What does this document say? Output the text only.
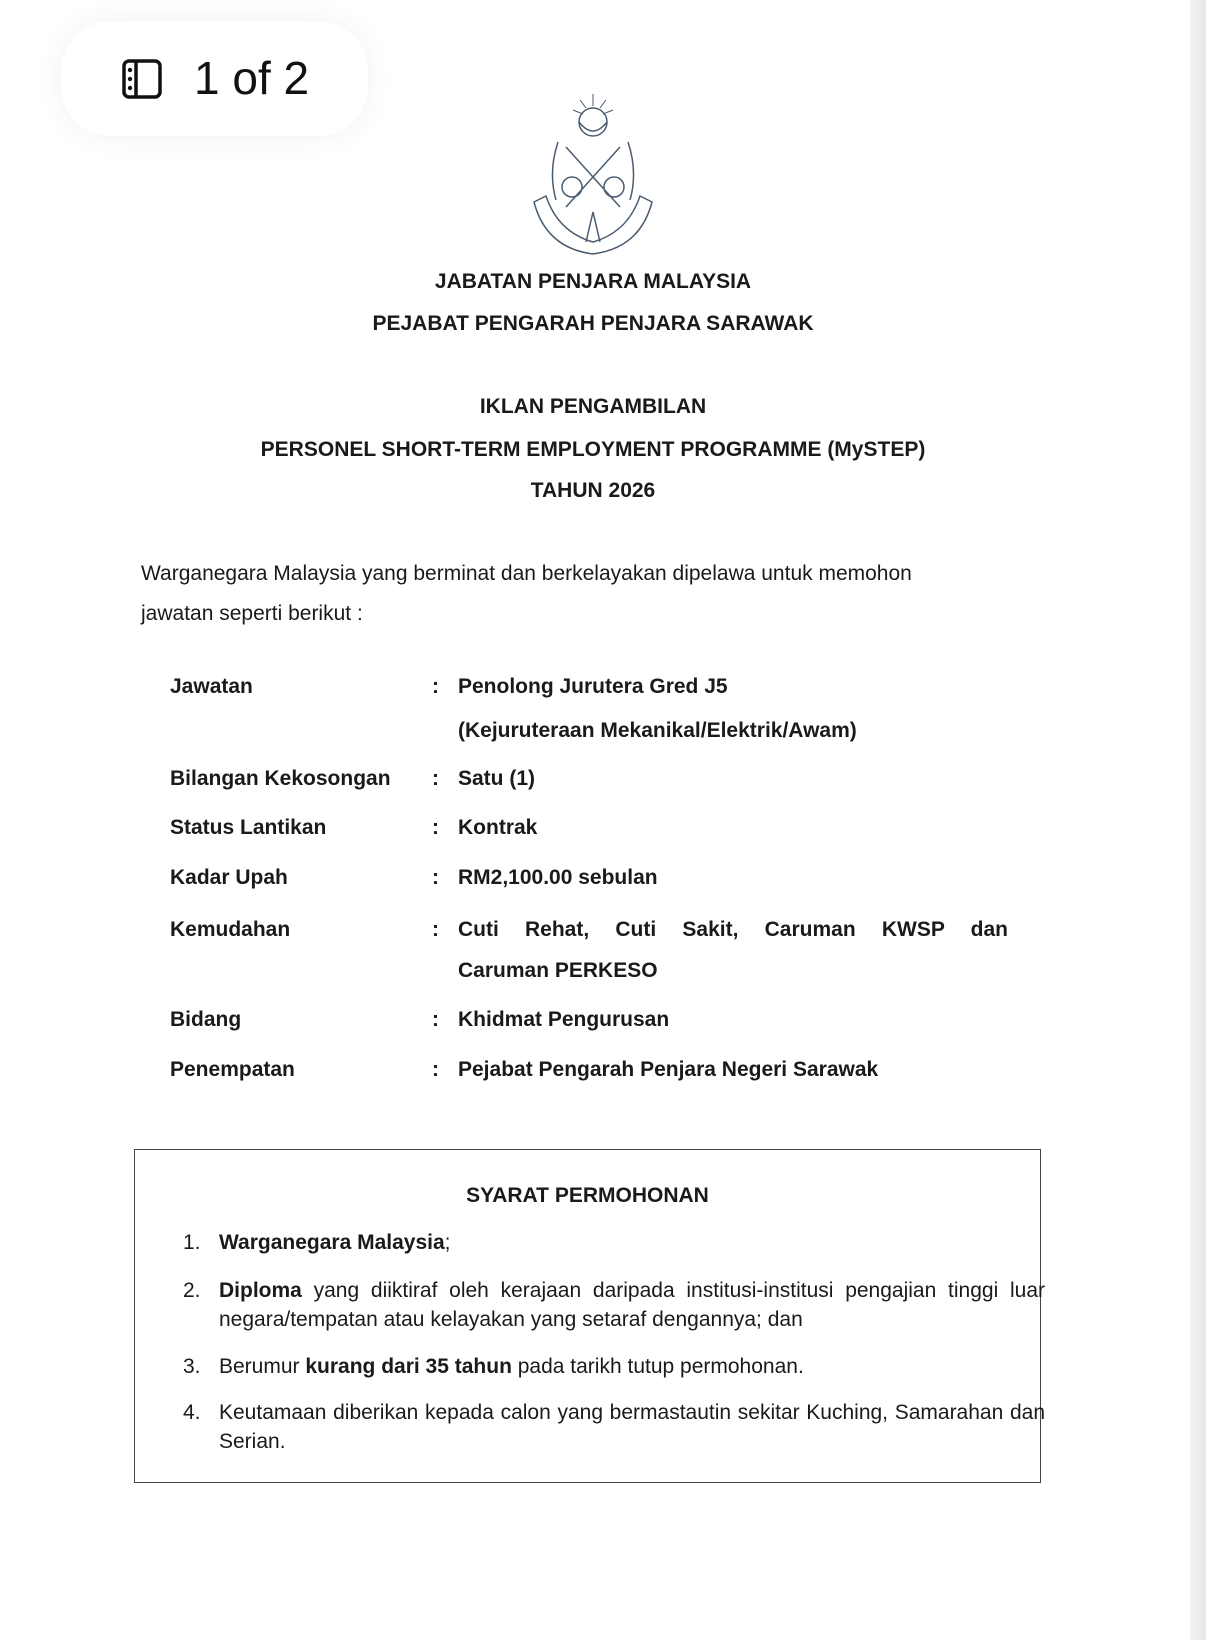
1 of 2
JABATAN PENJARA MALAYSIA
PEJABAT PENGARAH PENJARA SARAWAK
IKLAN PENGAMBILAN
PERSONEL SHORT-TERM EMPLOYMENT PROGRAMME (MySTEP)
TAHUN 2026
Warganegara Malaysia yang berminat dan berkelayakan dipelawa untuk memohon
jawatan seperti berikut :
Jawatan	: Penolong Jurutera Gred J5
(Kejuruteraan Mekanikal/Elektrik/Awam)
Bilangan Kekosongan : Satu (1)
Status Lantikan	: Kontrak
Kadar Upah	: RM2,100.00 sebulan
Kemudahan	: Cuti Rehat, Cuti Sakit, Caruman KWSP dan
Caruman PERKESO
Bidang	: Khidmat Pengurusan
Penempatan	: Pejabat Pengarah Penjara Negeri Sarawak
SYARAT PERMOHONAN
1. Warganegara Malaysia;
2. Diploma yang diiktiraf oleh kerajaan daripada institusi-institusi pengajian tinggi luar negara/tempatan atau kelayakan yang setaraf dengannya; dan
3. Berumur kurang dari 35 tahun pada tarikh tutup permohonan.
4. Keutamaan diberikan kepada calon yang bermastautin sekitar Kuching, Samarahan dan Serian.
